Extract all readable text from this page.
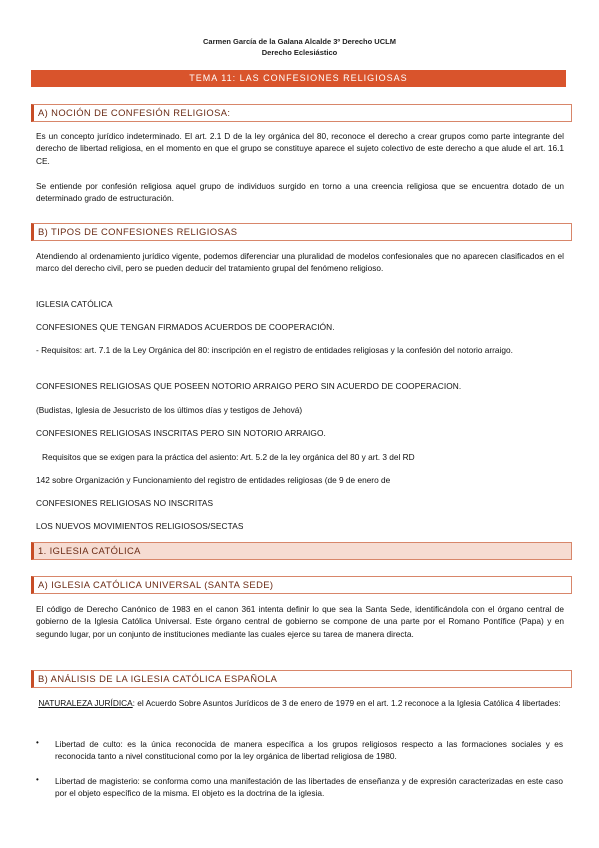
Carmen García de la Galana Alcalde 3º Derecho UCLM
Derecho Eclesiástico
TEMA 11: LAS CONFESIONES RELIGIOSAS
A) NOCIÓN DE CONFESIÓN RELIGIOSA:
Es un concepto jurídico indeterminado. El art. 2.1 D de la ley orgánica del 80, reconoce el derecho a crear grupos como parte integrante del derecho de libertad religiosa, en el momento en que el grupo se constituye aparece el sujeto colectivo de este derecho a que alude el art. 16.1 CE.
Se entiende por confesión religiosa aquel grupo de individuos surgido en torno a una creencia religiosa que se encuentra dotado de un determinado grado de estructuración.
B) TIPOS DE CONFESIONES RELIGIOSAS
Atendiendo al ordenamiento jurídico vigente, podemos diferenciar una pluralidad de modelos confesionales que no aparecen clasificados en el marco del derecho civil, pero se pueden deducir del tratamiento grupal del fenómeno religioso.
IGLESIA CATÓLICA
CONFESIONES QUE TENGAN FIRMADOS ACUERDOS DE COOPERACIÓN.
- Requisitos: art. 7.1 de la Ley Orgánica del 80: inscripción en el registro de entidades religiosas y la confesión del notorio arraigo.
CONFESIONES RELIGIOSAS QUE POSEEN NOTORIO ARRAIGO PERO SIN ACUERDO DE COOPERACION.
(Budistas, Iglesia de Jesucristo de los últimos días y testigos de Jehová)
CONFESIONES RELIGIOSAS INSCRITAS PERO SIN NOTORIO ARRAIGO.
Requisitos que se exigen para la práctica del asiento: Art. 5.2 de la ley orgánica del 80 y art. 3 del RD
142 sobre Organización y Funcionamiento del registro de entidades religiosas (de 9 de enero de
CONFESIONES RELIGIOSAS NO INSCRITAS
LOS NUEVOS MOVIMIENTOS RELIGIOSOS/SECTAS
1. IGLESIA CATÓLICA
A) IGLESIA CATÓLICA UNIVERSAL (SANTA SEDE)
El código de Derecho Canónico de 1983 en el canon 361 intenta definir lo que sea la Santa Sede, identificándola con el órgano central de gobierno de la Iglesia Católica Universal. Este órgano central de gobierno se compone de una parte por el Romano Pontífice (Papa) y en segundo lugar, por un conjunto de instituciones mediante las cuales ejerce su tarea de manera directa.
B) ANÁLISIS DE LA IGLESIA CATÓLICA ESPAÑOLA
NATURALEZA JURÍDICA: el Acuerdo Sobre Asuntos Jurídicos de 3 de enero de 1979 en el art. 1.2 reconoce a la Iglesia Católica 4 libertades:
• Libertad de culto: es la única reconocida de manera específica a los grupos religiosos respecto a las formaciones sociales y es reconocida tanto a nivel constitucional como por la ley orgánica de libertad religiosa de 1980.
• Libertad de magisterio: se conforma como una manifestación de las libertades de enseñanza y de expresión caracterizadas en este caso por el objeto específico de la misma. El objeto es la doctrina de la iglesia.
